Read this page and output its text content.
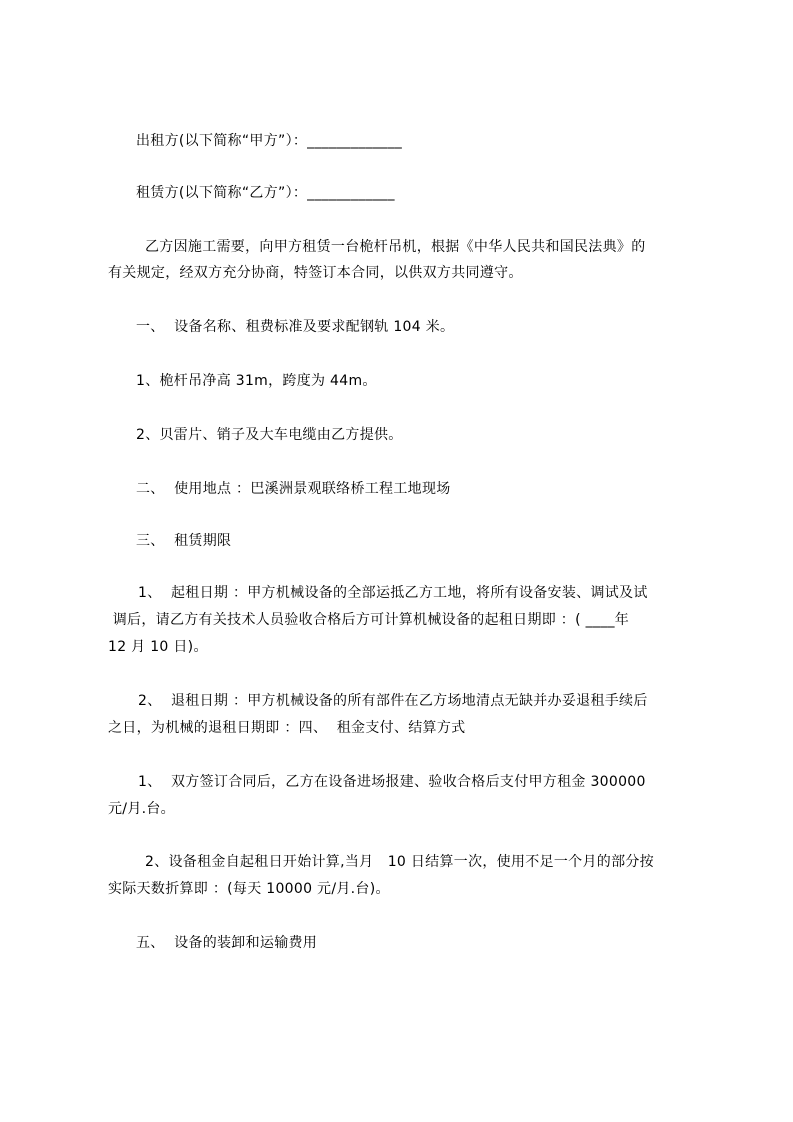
出租方(以下简称“甲方”）：_____________

租赁方(以下简称“乙方”）：____________

乙方因施工需要，向甲方租赁一台桅杆吊机，根据《中华人民共和国民法典》的

有关规定，经双方充分协商，特签订本合同，以供双方共同遵守。

一、  设备名称、租费标准及要求配钢轨 104 米。

1、桅杆吊净高 31m，跨度为 44m。

2、贝雷片、销子及大车电缆由乙方提供。

二、  使用地点 ：巴溪洲景观联络桥工程工地现场

三、  租赁期限

1、  起租日期 ：甲方机械设备的全部运抵乙方工地，将所有设备安装、调试及试

调后，请乙方有关技术人员验收合格后方可计算机械设备的起租日期即 ：( ____年

12 月 10 日)。

2、  退租日期 ：甲方机械设备的所有部件在乙方场地清点无缺并办妥退租手续后

之日，为机械的退租日期即 ：四、  租金支付、结算方式

1、  双方签订合同后，乙方在设备进场报建、验收合格后支付甲方租金 300000

元/月.台。

2、设备租金自起租日开始计算,当月   10 日结算一次，使用不足一个月的部分按

实际天数折算即 ：(每天 10000 元/月.台)。

五、  设备的装卸和运输费用
